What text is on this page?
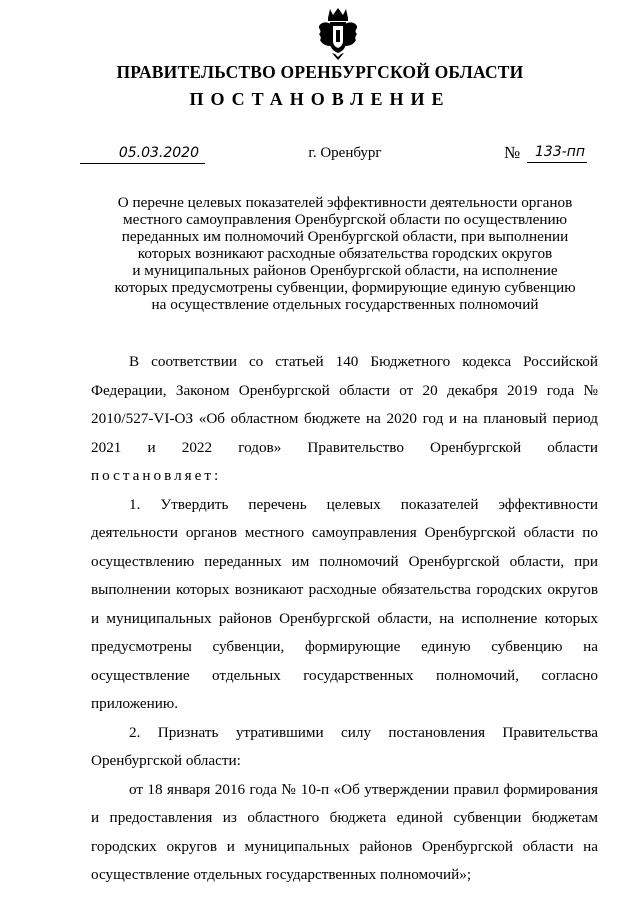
ПРАВИТЕЛЬСТВО ОРЕНБУРГСКОЙ ОБЛАСТИ
ПОСТАНОВЛЕНИЕ
05.03.2020	г. Оренбург	№	133-пп
О перечне целевых показателей эффективности деятельности органов
местного самоуправления Оренбургской области по осуществлению
переданных им полномочий Оренбургской области, при выполнении
которых возникают расходные обязательства городских округов
и муниципальных районов Оренбургской области, на исполнение
которых предусмотрены субвенции, формирующие единую субвенцию
на осуществление отдельных государственных полномочий

В соответствии со статьей 140 Бюджетного кодекса Российской Федерации, Законом Оренбургской области от 20 декабря 2019 года № 2010/527-VI-ОЗ «Об областном бюджете на 2020 год и на плановый период 2021 и 2022 годов» Правительство Оренбургской области

постановляет:

1. Утвердить перечень целевых показателей эффективности деятельности органов местного самоуправления Оренбургской области по осуществлению переданных им полномочий Оренбургской области, при выполнении которых возникают расходные обязательства городских округов и муниципальных районов Оренбургской области, на исполнение которых предусмотрены субвенции, формирующие единую субвенцию на осуществление отдельных государственных полномочий, согласно приложению.

2. Признать утратившими силу постановления Правительства Оренбургской области:

от 18 января 2016 года № 10-п «Об утверждении правил формирования и предоставления из областного бюджета единой субвенции бюджетам городских округов и муниципальных районов Оренбургской области на осуществление отдельных государственных полномочий»;
